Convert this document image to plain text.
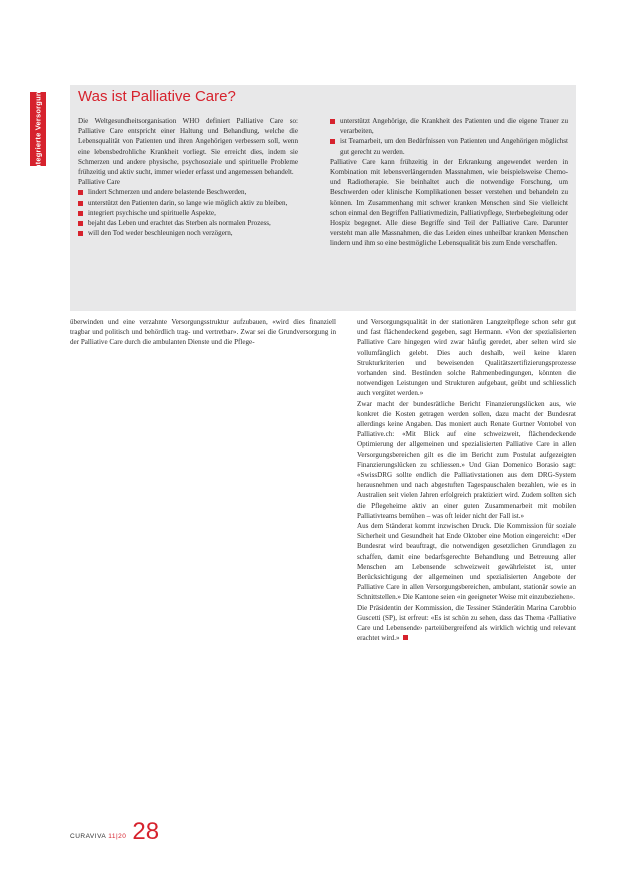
Integrierte Versorgung Was ist Palliative Care?

Die Weltgesundheitsorganisation WHO definiert Palliative Care so: Palliative Care entspricht einer Haltung und Behandlung, welche die Lebensqualität von Patienten und ihren Angehörigen verbessern soll, wenn eine lebensbedrohliche Krankheit vorliegt. Sie erreicht dies, indem sie Schmerzen und andere physische, psychosoziale und spirituelle Probleme frühzeitig und aktiv sucht, immer wieder erfasst und angemessen behandelt.

Palliative Care

lindert Schmerzen und andere belastende Beschwerden,
unterstützt den Patienten darin, so lange wie möglich aktiv zu bleiben,
integriert psychische und spirituelle Aspekte,
bejaht das Leben und erachtet das Sterben als normalen Prozess,
will den Tod weder beschleunigen noch verzögern,
unterstützt Angehörige, die Krankheit des Patienten und die eigene Trauer zu verarbeiten,
ist Teamarbeit, um den Bedürfnissen von Patienten und Angehörigen möglichst gut gerecht zu werden.

Palliative Care kann frühzeitig in der Erkrankung angewendet werden in Kombination mit lebensverlängernden Massnahmen, wie beispielsweise Chemo- und Radiotherapie. Sie beinhaltet auch die notwendige Forschung, um Beschwerden oder klinische Komplikationen besser verstehen und behandeln zu können. Im Zusammenhang mit schwer kranken Menschen sind Sie vielleicht schon einmal den Begriffen Palliativmedizin, Palliativpflege, Sterbebegleitung oder Hospiz begegnet. Alle diese Begriffe sind Teil der Palliative Care. Darunter versteht man alle Massnahmen, die das Leiden eines unheilbar kranken Menschen lindern und ihm so eine bestmögliche Lebensqualität bis zum Ende verschaffen.

überwinden und eine verzahnte Versorgungsstruktur aufzubauen, «wird dies finanziell tragbar und politisch und behördlich trag- und vertretbar». Zwar sei die Grundversorgung in der Palliative Care durch die ambulanten Dienste und die Pflege-

und Versorgungsqualität in der stationären Langzeitpflege schon sehr gut und fast flächendeckend gegeben, sagt Hermann. «Von der spezialisierten Palliative Care hingegen wird zwar häufig geredet, aber selten wird sie vollumfänglich gelebt. Dies auch deshalb, weil keine klaren Strukturkriterien und beweisenden Qualitätszertifizierungsprozesse vorhanden sind. Bestünden solche Rahmenbedingungen, könnten die notwendigen Leistungen und Strukturen aufgebaut, geübt und schliesslich auch vergütet werden.»

Zwar macht der bundesrätliche Bericht Finanzierungslücken aus, wie konkret die Kosten getragen werden sollen, dazu macht der Bundesrat allerdings keine Angaben. Das moniert auch Renate Gurtner Vontobel von Palliative.ch: «Mit Blick auf eine schweizweit, flächendeckende Optimierung der allgemeinen und spezialisierten Palliative Care in allen Versorgungsbereichen gilt es die im Bericht zum Postulat aufgezeigten Finanzierungslücken zu schliessen.» Und Gian Domenico Borasio sagt: «SwissDRG sollte endlich die Palliativstationen aus dem DRG-System herausnehmen und nach abgestuften Tagespauschalen bezahlen, wie es in Australien seit vielen Jahren erfolgreich praktiziert wird. Zudem sollten sich die Pflegeheime aktiv an einer guten Zusammenarbeit mit mobilen Palliativteams bemühen – was oft leider nicht der Fall ist.»

Aus dem Ständerat kommt inzwischen Druck. Die Kommission für soziale Sicherheit und Gesundheit hat Ende Oktober eine Motion eingereicht: «Der Bundesrat wird beauftragt, die notwendigen gesetzlichen Grundlagen zu schaffen, damit eine bedarfsgerechte Behandlung und Betreuung aller Menschen am Lebensende schweizweit gewährleistet ist, unter Berücksichtigung der allgemeinen und spezialisierten Angebote der Palliative Care in allen Versorgungsbereichen, ambulant, stationär sowie an Schnittstellen.» Die Kantone seien «in geeigneter Weise mit einzubeziehen».

Die Präsidentin der Kommission, die Tessiner Ständerätin Marina Carobbio Guscetti (SP), ist erfreut: «Es ist schön zu sehen, dass das Thema ‹Palliative Care und Lebensende› parteiübergreifend als wirklich wichtig und relevant erachtet wird.»

CURAVIVA 11|20 28
